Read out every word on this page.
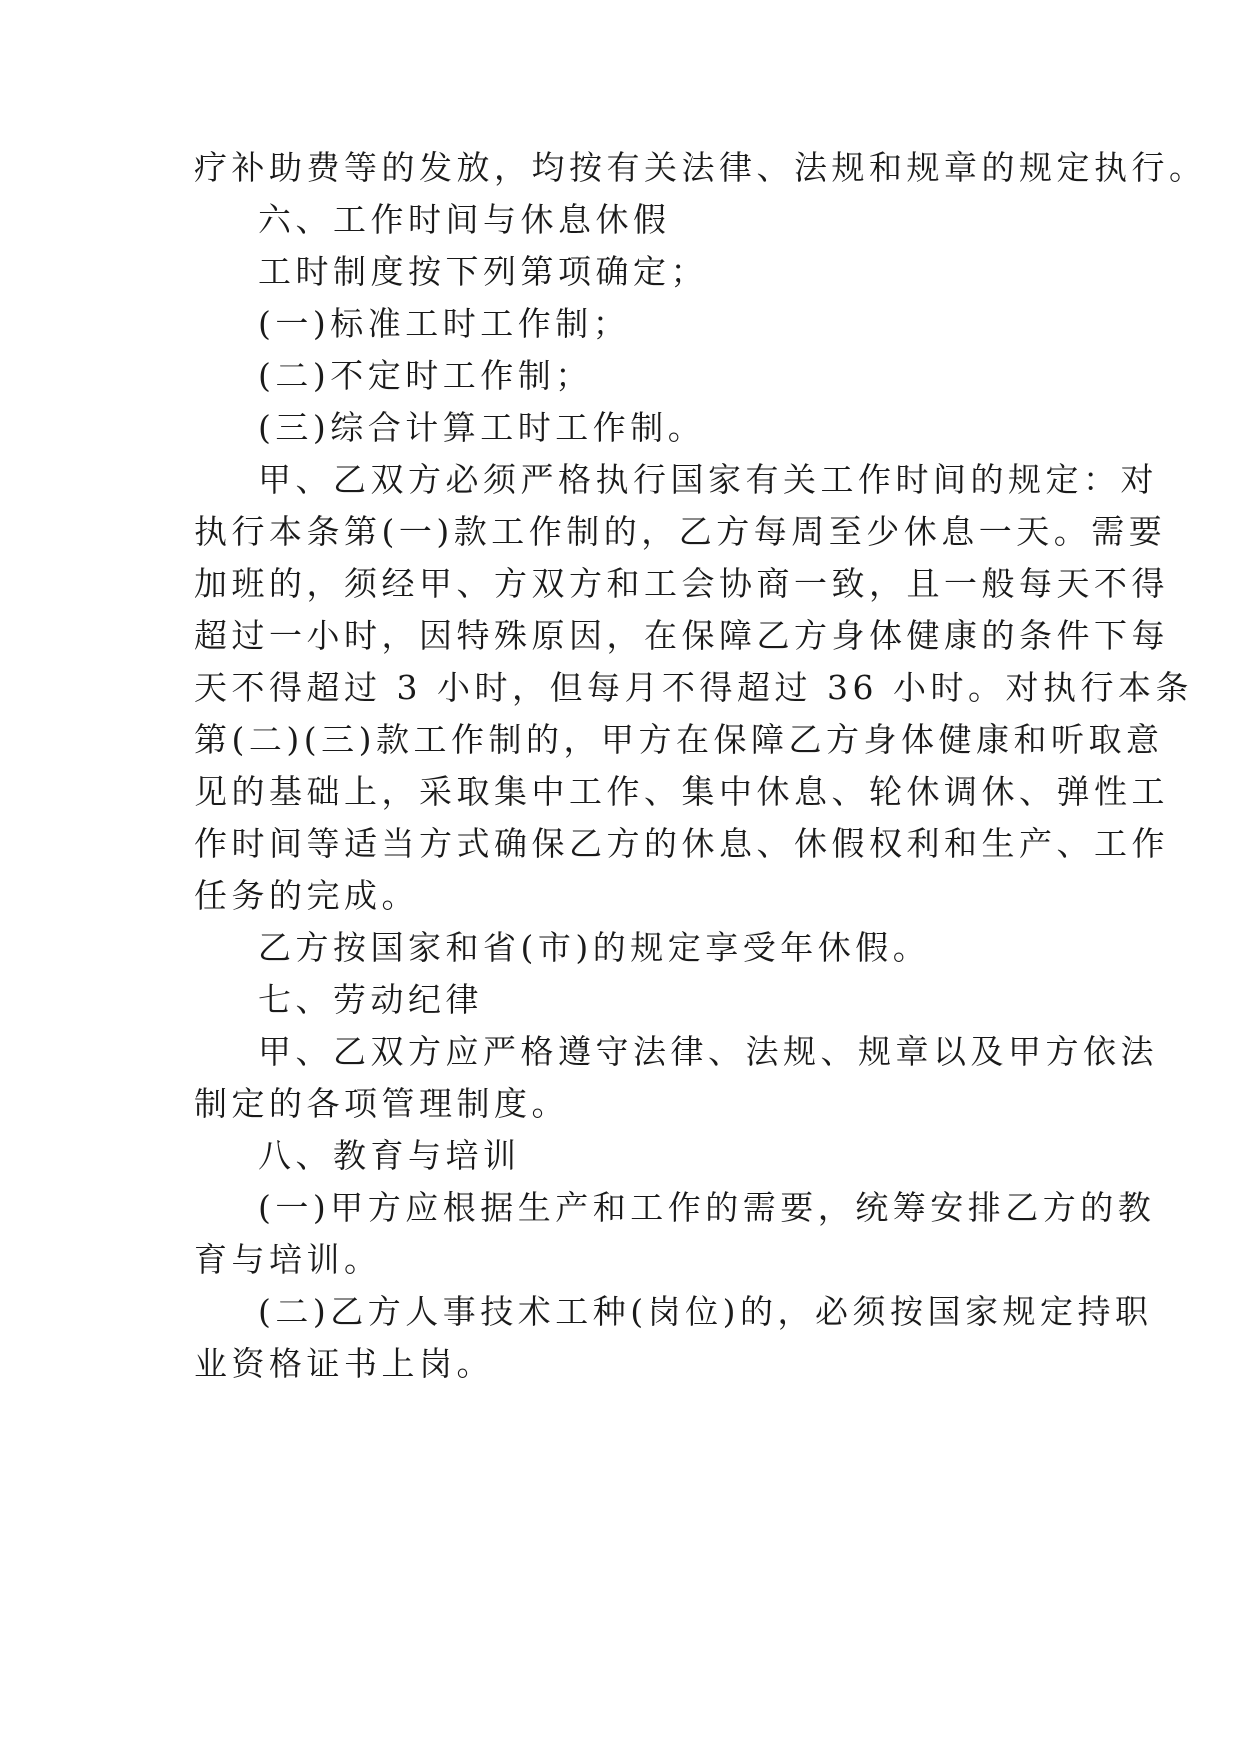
疗补助费等的发放，均按有关法律、法规和规章的规定执行。
六、工作时间与休息休假
工时制度按下列第项确定；
(一)标准工时工作制；
(二)不定时工作制；
(三)综合计算工时工作制。
甲、乙双方必须严格执行国家有关工作时间的规定：对
执行本条第(一)款工作制的，乙方每周至少休息一天。需要
加班的，须经甲、方双方和工会协商一致，且一般每天不得
超过一小时，因特殊原因，在保障乙方身体健康的条件下每
天不得超过 3 小时，但每月不得超过 36 小时。对执行本条
第(二)(三)款工作制的，甲方在保障乙方身体健康和听取意
见的基础上，采取集中工作、集中休息、轮休调休、弹性工
作时间等适当方式确保乙方的休息、休假权利和生产、工作
任务的完成。
乙方按国家和省(市)的规定享受年休假。
七、劳动纪律
甲、乙双方应严格遵守法律、法规、规章以及甲方依法
制定的各项管理制度。
八、教育与培训
(一)甲方应根据生产和工作的需要，统筹安排乙方的教
育与培训。
(二)乙方人事技术工种(岗位)的，必须按国家规定持职
业资格证书上岗。
